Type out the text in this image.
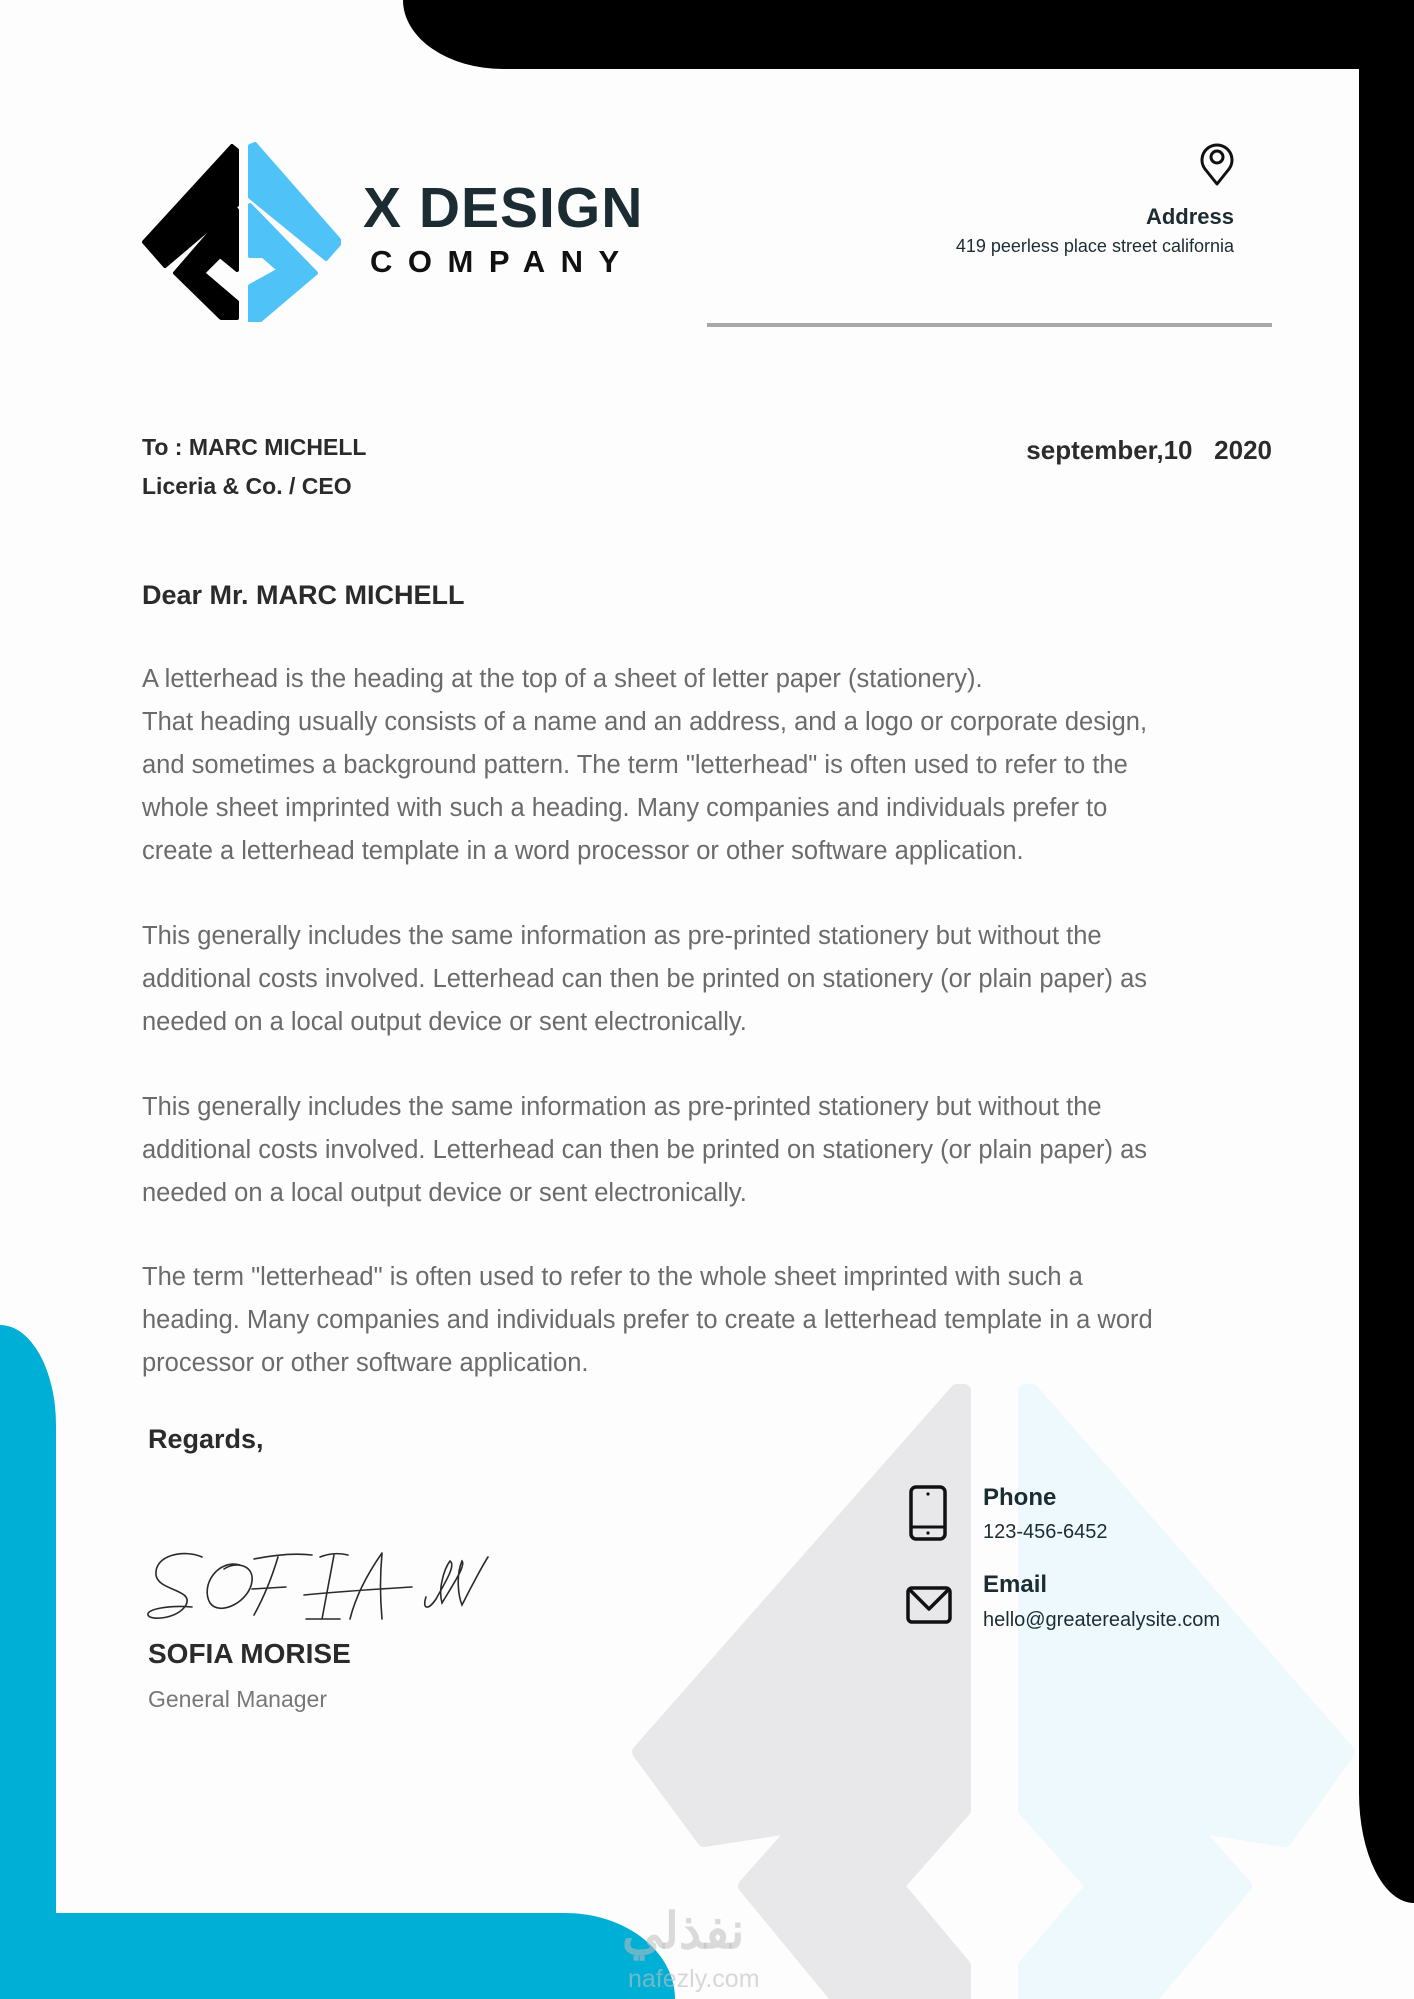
X DESIGN
COMPANY
Address
419 peerless place street california
To : MARC MICHELL
Liceria & Co. / CEO
september,10   2020
Dear Mr. MARC MICHELL
A letterhead is the heading at the top of a sheet of letter paper (stationery).
That heading usually consists of a name and an address, and a logo or corporate design,
and sometimes a background pattern. The term "letterhead" is often used to refer to the
whole sheet imprinted with such a heading. Many companies and individuals prefer to
create a letterhead template in a word processor or other software application.
This generally includes the same information as pre-printed stationery but without the
additional costs involved. Letterhead can then be printed on stationery (or plain paper) as
needed on a local output device or sent electronically.
This generally includes the same information as pre-printed stationery but without the
additional costs involved. Letterhead can then be printed on stationery (or plain paper) as
needed on a local output device or sent electronically.
The term "letterhead" is often used to refer to the whole sheet imprinted with such a
heading. Many companies and individuals prefer to create a letterhead template in a word
processor or other software application.
Regards,
SOFIA MORISE
General Manager
Phone
123-456-6452
Email
hello@greaterealysite.com
نفذلي
nafezly.com
